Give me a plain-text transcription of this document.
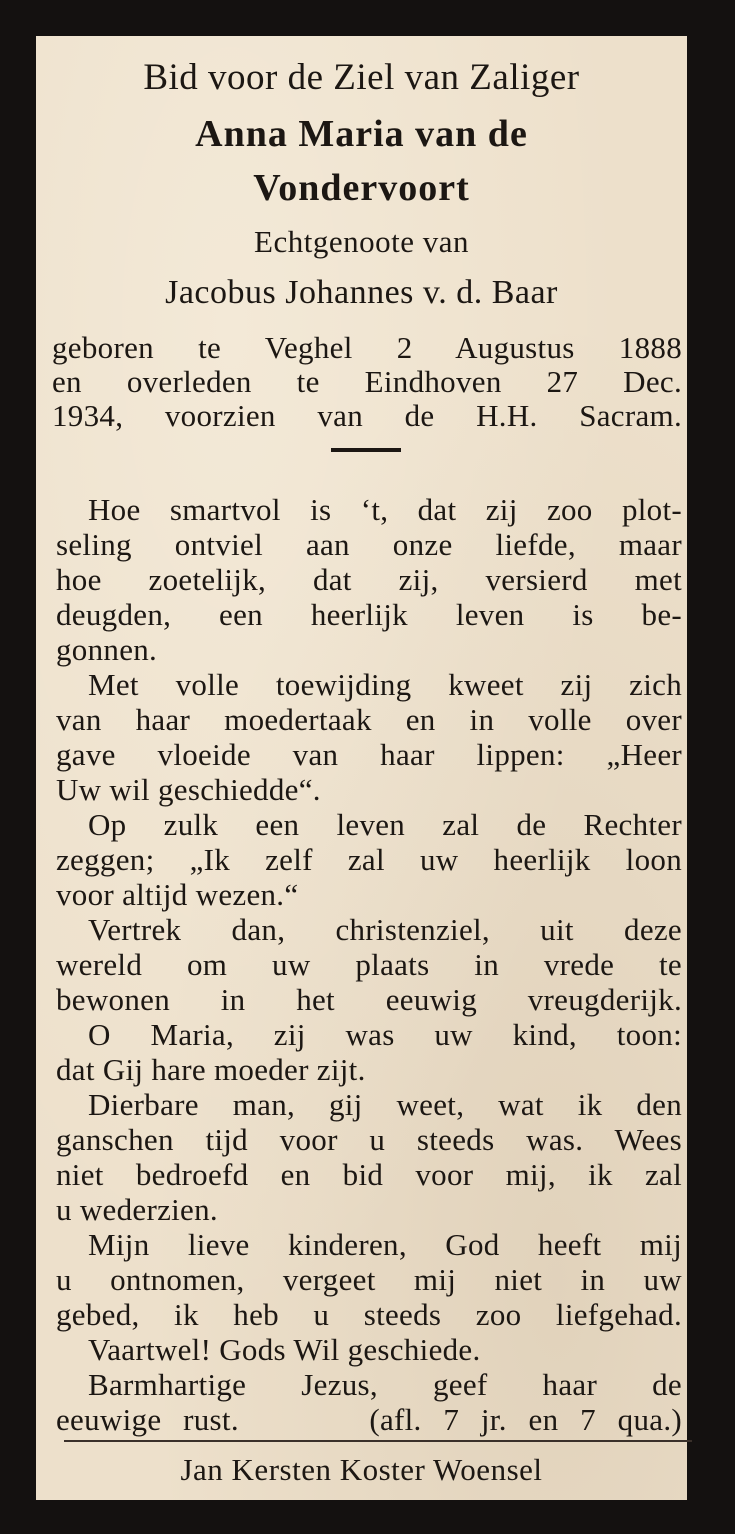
Bid voor de Ziel van Zaliger
Anna Maria van de
Vondervoort
Echtgenoote van
Jacobus Johannes v. d. Baar
geboren te Veghel 2 Augustus 1888
en overleden te Eindhoven 27 Dec.
1934, voorzien van de H.H. Sacram.
Hoe smartvol is ‘t, dat zij zoo plot-
seling ontviel aan onze liefde, maar
hoe zoetelijk, dat zij, versierd met
deugden, een heerlijk leven is be-
gonnen.
Met volle toewijding kweet zij zich
van haar moedertaak en in volle over
gave vloeide van haar lippen: „Heer
Uw wil geschiedde“.
Op zulk een leven zal de Rechter
zeggen; „Ik zelf zal uw heerlijk loon
voor altijd wezen.“
Vertrek dan, christenziel, uit deze
wereld om uw plaats in vrede te
bewonen in het eeuwig vreugderijk.
O Maria, zij was uw kind, toon:
dat Gij hare moeder zijt.
Dierbare man, gij weet, wat ik den
ganschen tijd voor u steeds was. Wees
niet bedroefd en bid voor mij, ik zal
u wederzien.
Mijn lieve kinderen, God heeft mij
u ontnomen, vergeet mij niet in uw
gebed, ik heb u steeds zoo liefgehad.
Vaartwel! Gods Wil geschiede.
Barmhartige Jezus, geef haar de
eeuwige rust.      (afl. 7 jr. en 7 qua.)
Jan Kersten Koster Woensel
